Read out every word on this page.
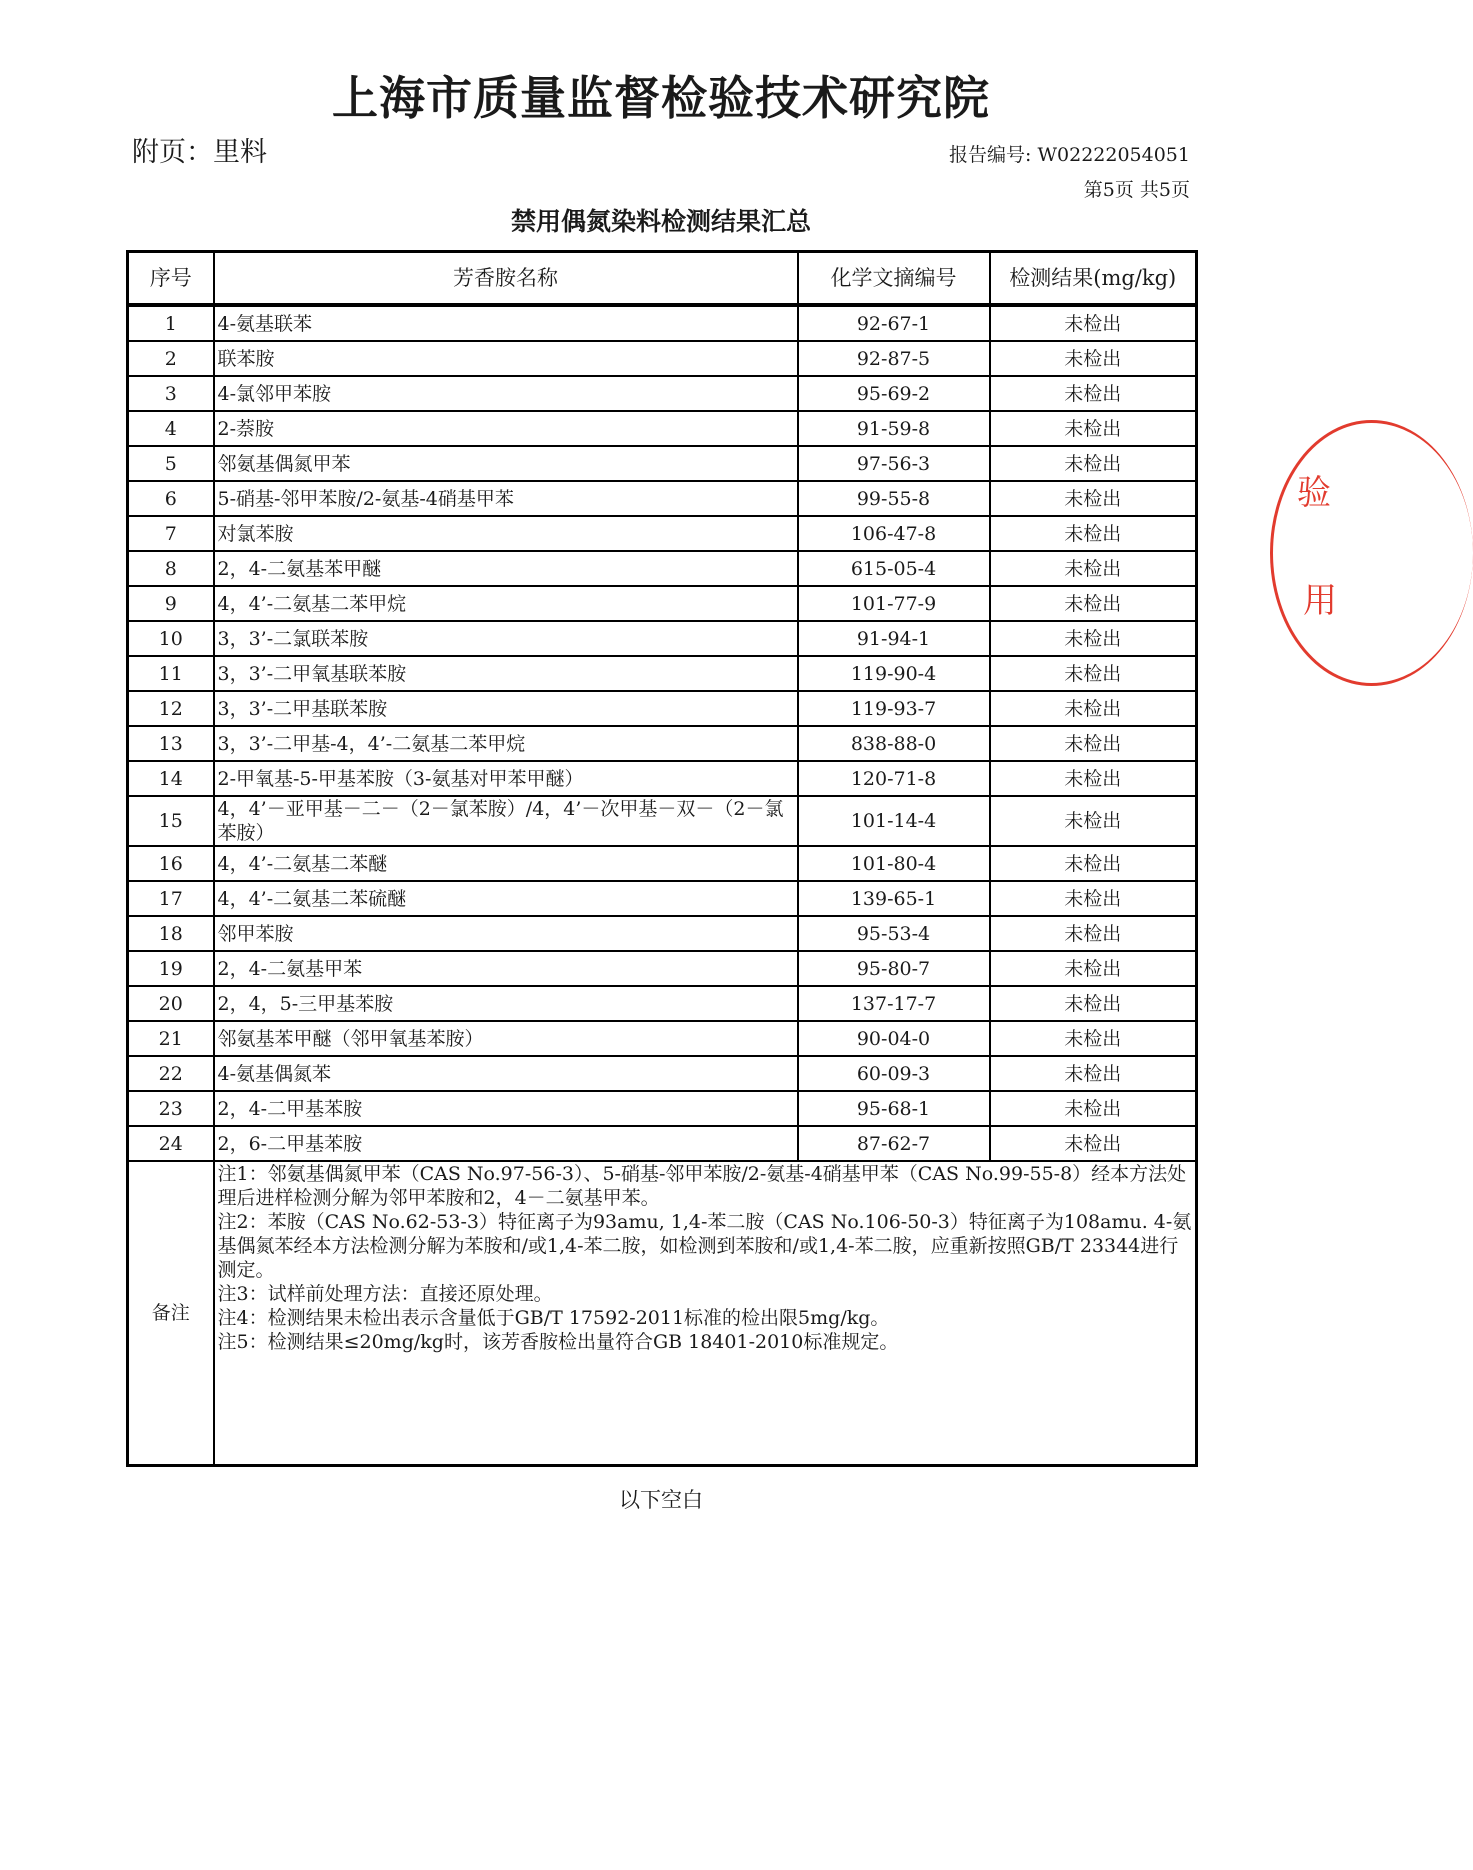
上海市质量监督检验技术研究院
附页：里料	报告编号: W02222054051
第5页 共5页
禁用偶氮染料检测结果汇总
序号	芳香胺名称	化学文摘编号	检测结果(mg/kg)
1	4-氨基联苯	92-67-1	未检出
2	联苯胺	92-87-5	未检出
3	4-氯邻甲苯胺	95-69-2	未检出
4	2-萘胺	91-59-8	未检出
5	邻氨基偶氮甲苯	97-56-3	未检出
6	5-硝基-邻甲苯胺/2-氨基-4硝基甲苯	99-55-8	未检出
7	对氯苯胺	106-47-8	未检出
8	2，4-二氨基苯甲醚	615-05-4	未检出
9	4，4’-二氨基二苯甲烷	101-77-9	未检出
10	3，3’-二氯联苯胺	91-94-1	未检出
11	3，3’-二甲氧基联苯胺	119-90-4	未检出
12	3，3’-二甲基联苯胺	119-93-7	未检出
13	3，3’-二甲基-4，4’-二氨基二苯甲烷	838-88-0	未检出
14	2-甲氧基-5-甲基苯胺（3-氨基对甲苯甲醚）	120-71-8	未检出
15	4，4’－亚甲基－二－（2－氯苯胺）/4，4’－次甲基－双－（2－氯苯胺）	101-14-4	未检出
16	4，4’-二氨基二苯醚	101-80-4	未检出
17	4，4’-二氨基二苯硫醚	139-65-1	未检出
18	邻甲苯胺	95-53-4	未检出
19	2，4-二氨基甲苯	95-80-7	未检出
20	2，4，5-三甲基苯胺	137-17-7	未检出
21	邻氨基苯甲醚（邻甲氧基苯胺）	90-04-0	未检出
22	4-氨基偶氮苯	60-09-3	未检出
23	2，4-二甲基苯胺	95-68-1	未检出
24	2，6-二甲基苯胺	87-62-7	未检出
备注	注1：邻氨基偶氮甲苯（CAS No.97-56-3）、5-硝基-邻甲苯胺/2-氨基-4硝基甲苯（CAS No.99-55-8）经本方法处理后进样检测分解为邻甲苯胺和2，4－二氨基甲苯。
注2：苯胺（CAS No.62-53-3）特征离子为93amu, 1,4-苯二胺（CAS No.106-50-3）特征离子为108amu. 4-氨基偶氮苯经本方法检测分解为苯胺和/或1,4-苯二胺，如检测到苯胺和/或1,4-苯二胺，应重新按照GB/T 23344进行测定。
注3：试样前处理方法：直接还原处理。
注4：检测结果未检出表示含量低于GB/T 17592-2011标准的检出限5mg/kg。
注5：检测结果≤20mg/kg时，该芳香胺检出量符合GB 18401-2010标准规定。		
以下空白
验
用
